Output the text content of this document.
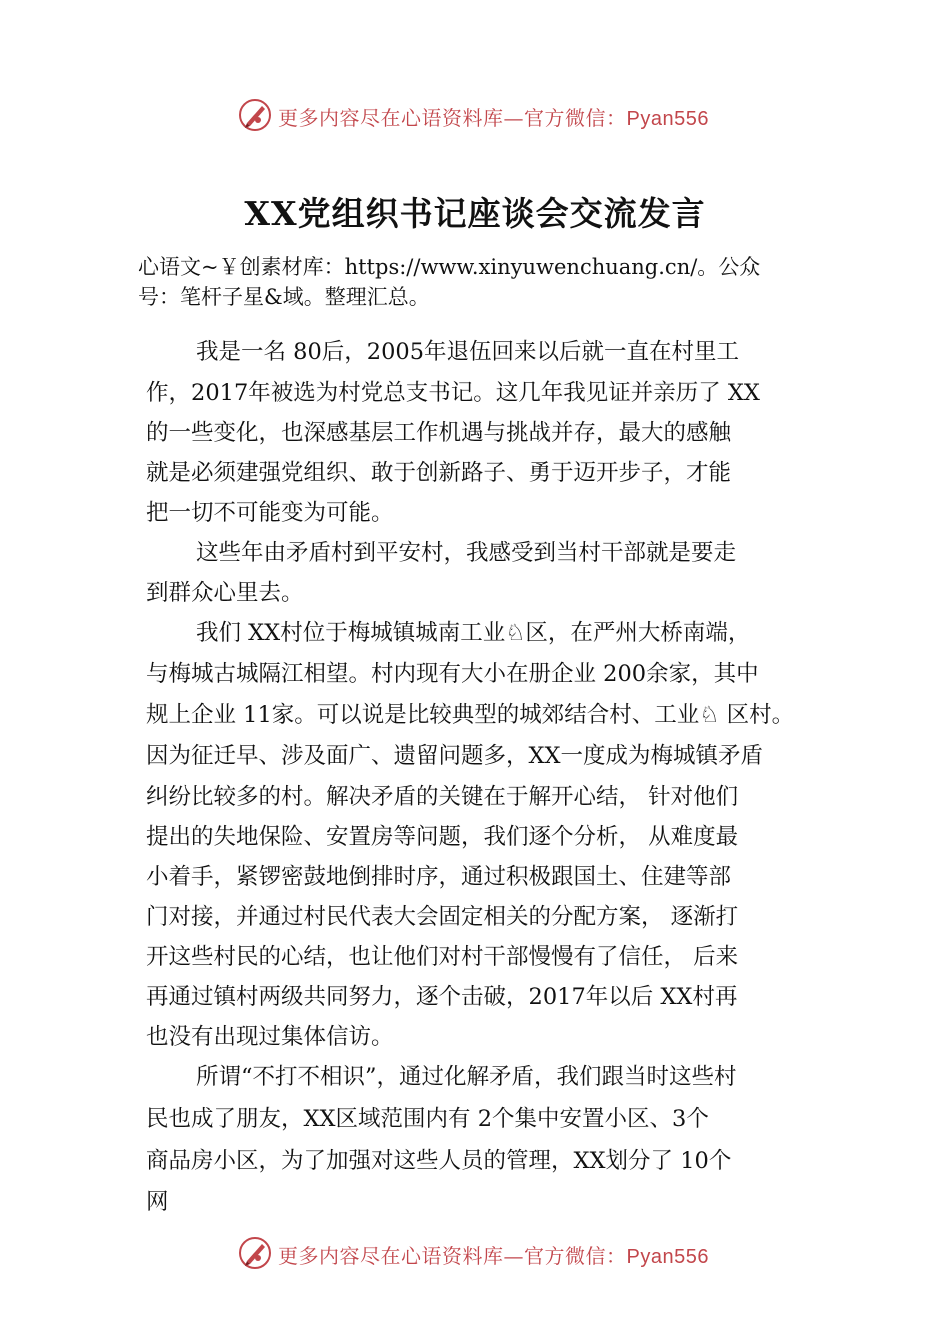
更多内容尽在心语资料库—官方微信：Pyan556
XX党组织书记座谈会交流发言
心语文~￥创素材库：https://www.xinyuwenchuang.cn/。公众
号：笔杆子星&域。整理汇总。
我是一名 80后，2005年退伍回来以后就一直在村里工
作，2017年被选为村党总支书记。这几年我见证并亲历了 XX
的一些变化，也深感基层工作机遇与挑战并存，最大的感触
就是必须建强党组织、敢于创新路子、勇于迈开步子，才能
把一切不可能变为可能。
这些年由矛盾村到平安村，我感受到当村干部就是要走
到群众心里去。
我们 XX村位于梅城镇城南工业♘区，在严州大桥南端，
与梅城古城隔江相望。村内现有大小在册企业 200余家，其中
规上企业 11家。可以说是比较典型的城郊结合村、工业♘ 区村。
因为征迁早、涉及面广、遗留问题多，XX一度成为梅城镇矛盾
纠纷比较多的村。解决矛盾的关键在于解开心结， 针对他们
提出的失地保险、安置房等问题，我们逐个分析， 从难度最
小着手，紧锣密鼓地倒排时序，通过积极跟国土、住建等部
门对接，并通过村民代表大会固定相关的分配方案， 逐渐打
开这些村民的心结，也让他们对村干部慢慢有了信任， 后来
再通过镇村两级共同努力，逐个击破，2017年以后 XX村再
也没有出现过集体信访。
所谓“不打不相识”，通过化解矛盾，我们跟当时这些村
民也成了朋友，XX区域范围内有 2个集中安置小区、3个
商品房小区，为了加强对这些人员的管理，XX划分了 10个
网
更多内容尽在心语资料库—官方微信：Pyan556
